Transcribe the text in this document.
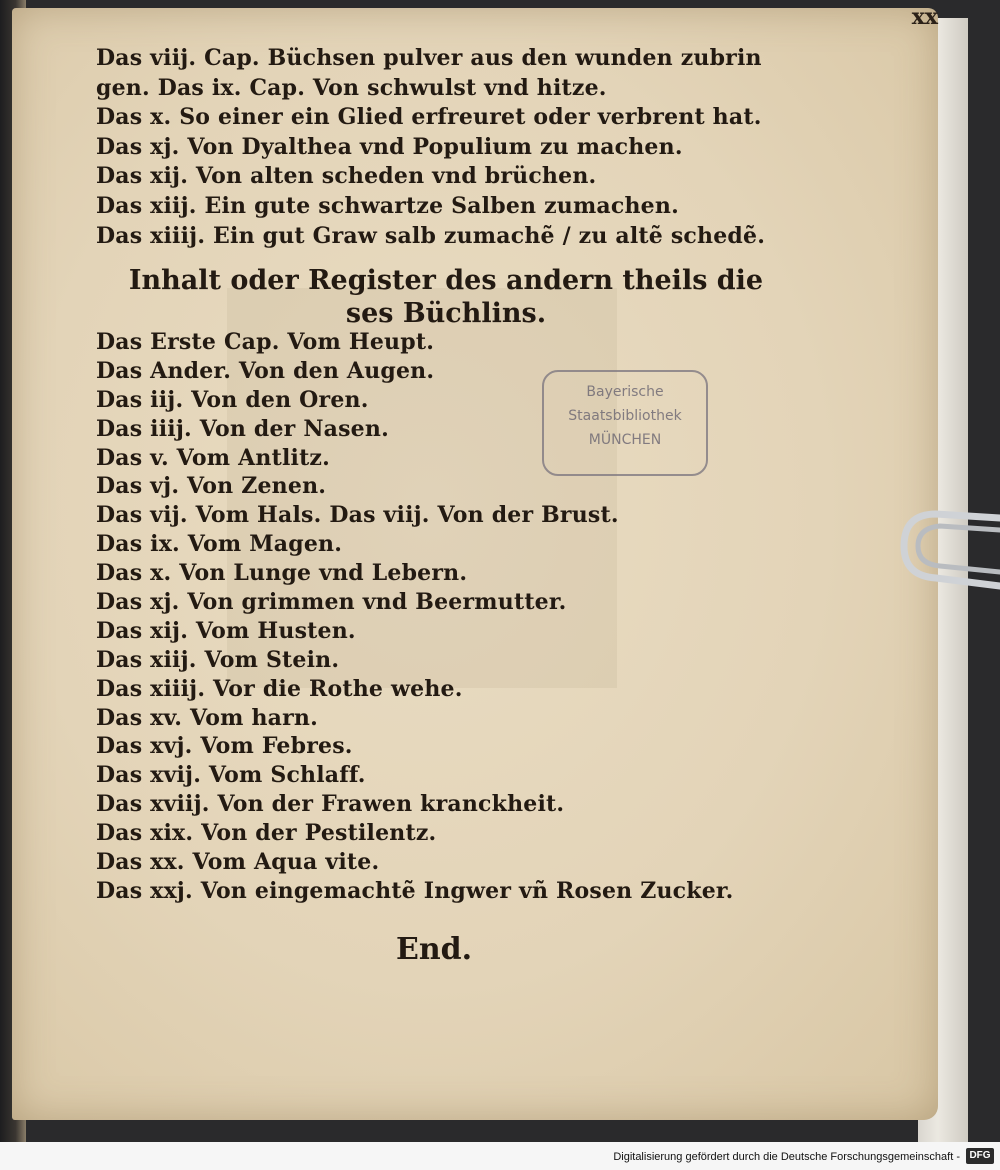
xx
Das viij. Cap. Büchsen pulver aus den wunden zubrin
gen. Das ix. Cap. Von schwulst vnd hitze.
Das x. So einer ein Glied erfreuret oder verbrent hat.
Das xj. Von Dyalthea vnd Populium zu machen.
Das xij. Von alten scheden vnd brüchen.
Das xiij. Ein gute schwartze Salben zumachen.
Das xiiij. Ein gut Graw salb zumachẽ / zu altẽ schedẽ.
Inhalt oder Register des andern theils die
ses Büchlins.
Das Erste Cap. Vom Heupt.
Das Ander. Von den Augen.
Das iij. Von den Oren.
Das iiij. Von der Nasen.
Das v. Vom Antlitz.
Das vj. Von Zenen.
Das vij. Vom Hals. Das viij. Von der Brust.
Das ix. Vom Magen.
Das x. Von Lunge vnd Lebern.
Das xj. Von grimmen vnd Beermutter.
Das xij. Vom Husten.
Das xiij. Vom Stein.
Das xiiij. Vor die Rothe wehe.
Das xv. Vom harn.
Das xvj. Vom Febres.
Das xvij. Vom Schlaff.
Das xviij. Von der Frawen kranckheit.
Das xix. Von der Pestilentz.
Das xx. Vom Aqua vite.
Das xxj. Von eingemachtẽ Ingwer vñ Rosen Zucker.
End.
Bayerische
Staatsbibliothek
MÜNCHEN
Digitalisierung gefördert durch die Deutsche Forschungsgemeinschaft - DFG
